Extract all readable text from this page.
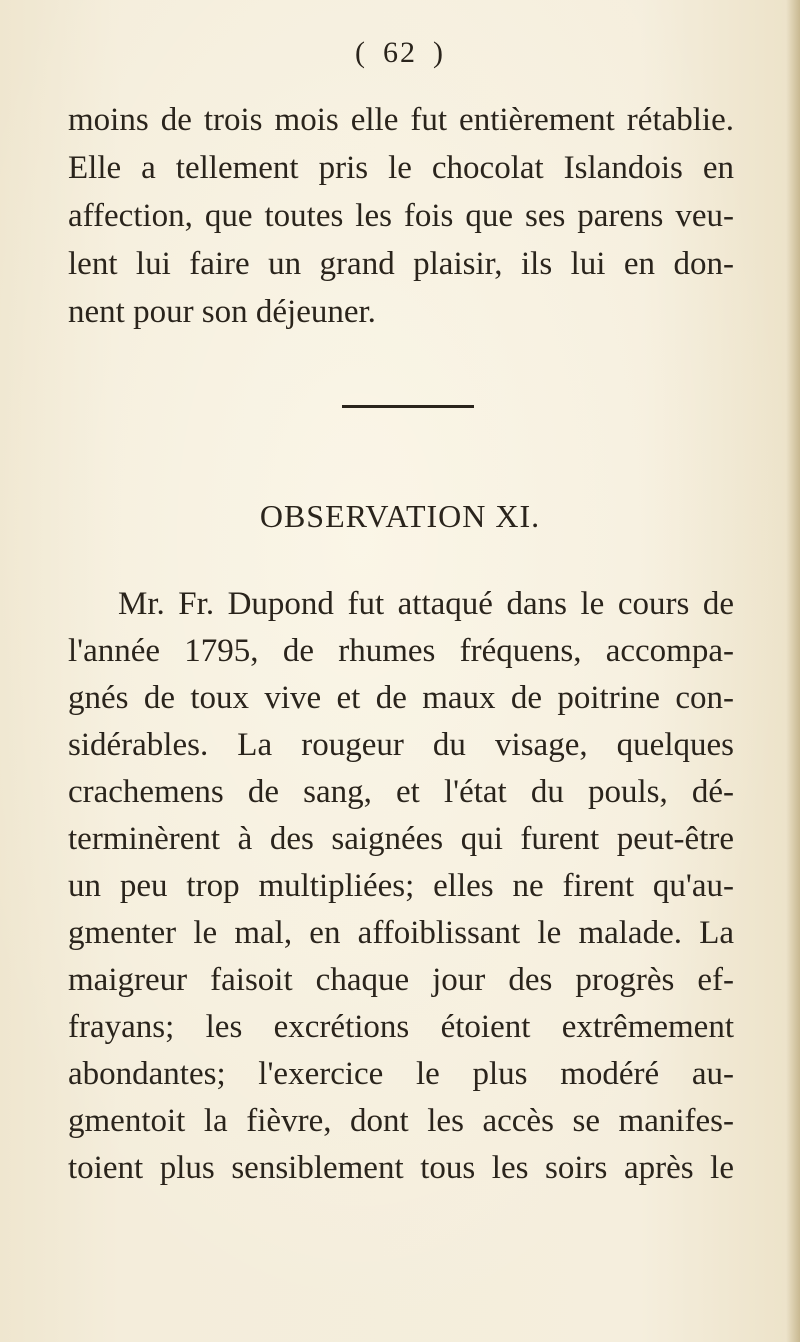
( 62 )
moins de trois mois elle fut entièrement rétablie.
Elle a tellement pris le chocolat Islandois en
affection, que toutes les fois que ses parens veu-
lent lui faire un grand plaisir, ils lui en don-
nent pour son déjeuner.
OBSERVATION XI.
Mr. Fr. Dupond fut attaqué dans le cours de
l'année 1795, de rhumes fréquens, accompa-
gnés de toux vive et de maux de poitrine con-
sidérables. La rougeur du visage, quelques
crachemens de sang, et l'état du pouls, dé-
terminèrent à des saignées qui furent peut-être
un peu trop multipliées; elles ne firent qu'au-
gmenter le mal, en affoiblissant le malade. La
maigreur faisoit chaque jour des progrès ef-
frayans; les excrétions étoient extrêmement
abondantes; l'exercice le plus modéré au-
gmentoit la fièvre, dont les accès se manifes-
toient plus sensiblement tous les soirs après le
